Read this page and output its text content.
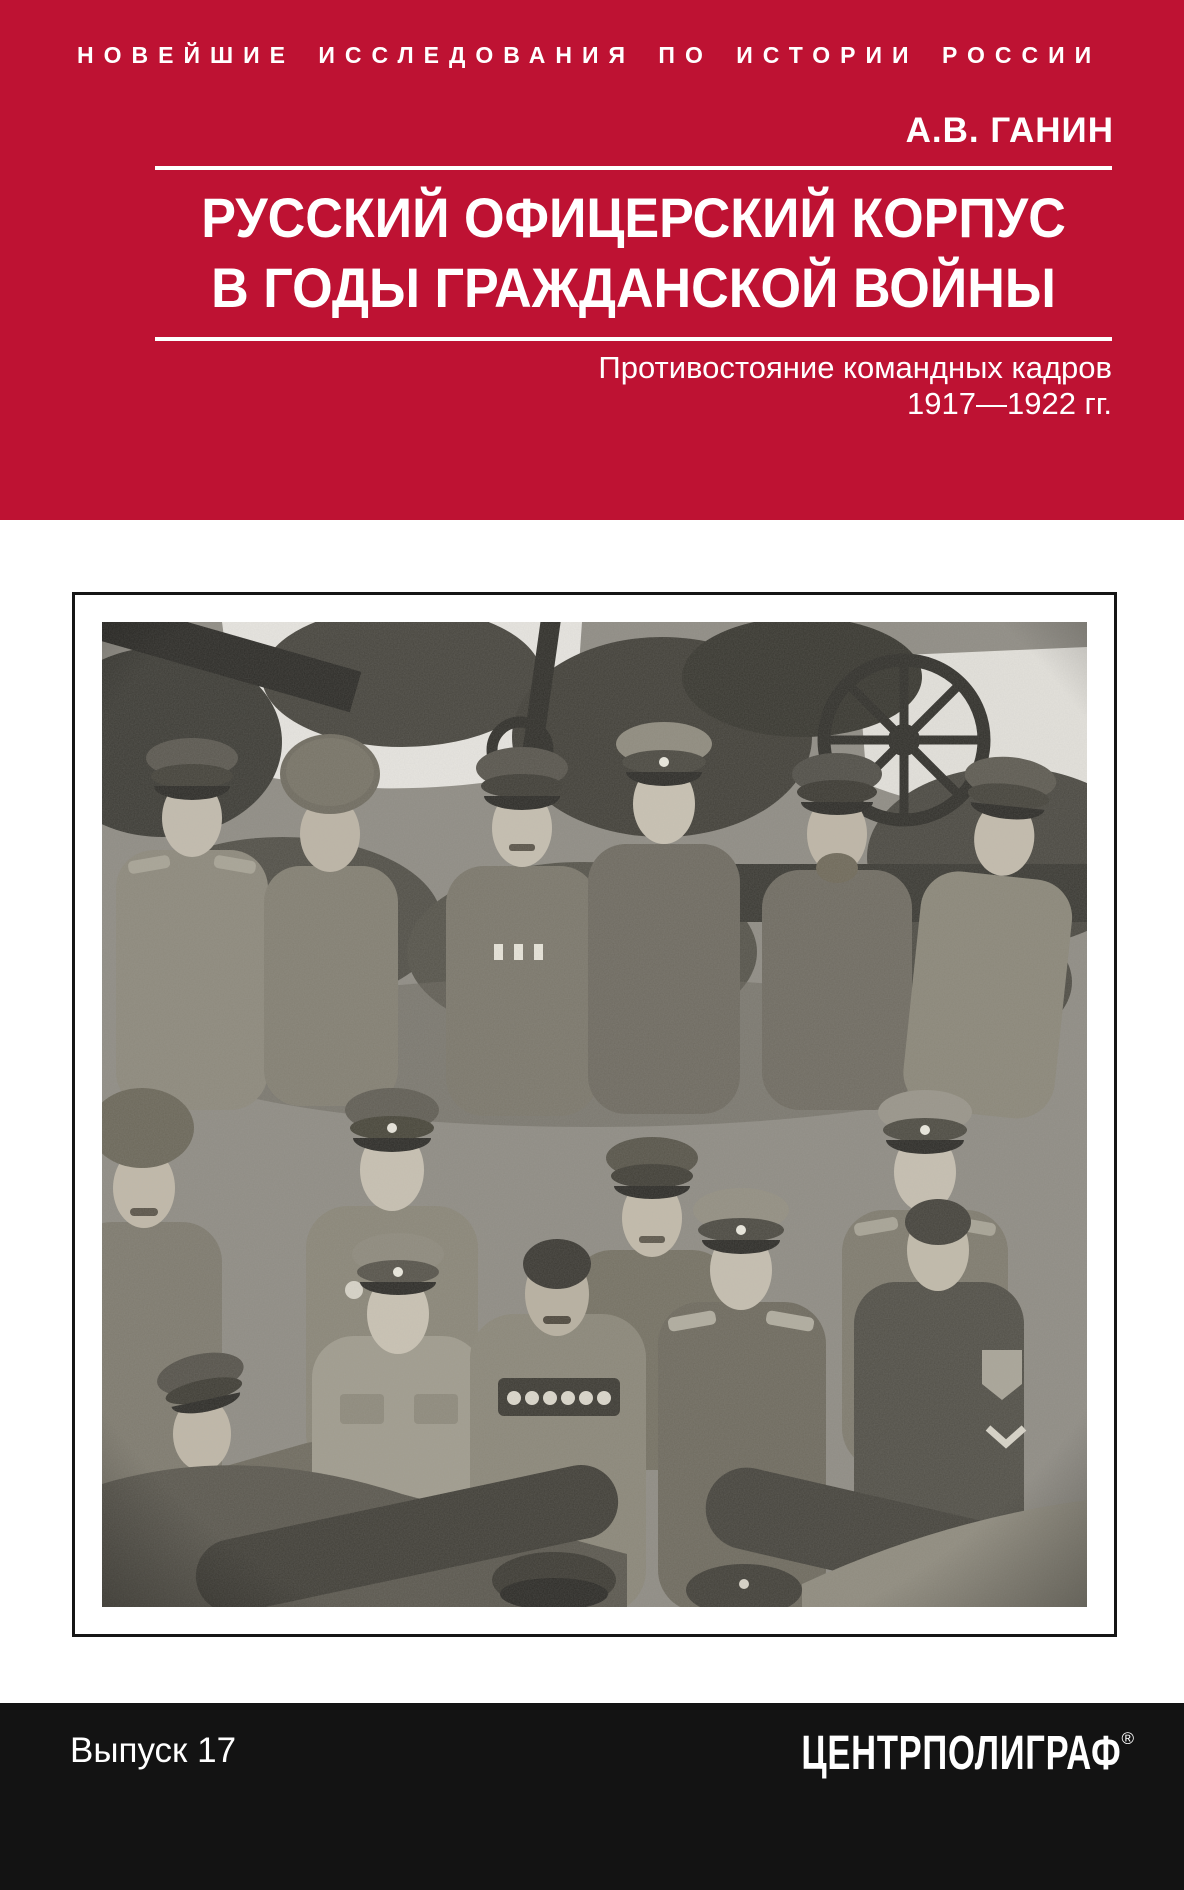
НОВЕЙШИЕ ИССЛЕДОВАНИЯ ПО ИСТОРИИ РОССИИ
А.В. ГАНИН
РУССКИЙ ОФИЦЕРСКИЙ КОРПУС
В ГОДЫ ГРАЖДАНСКОЙ ВОЙНЫ
Противостояние командных кадров
1917—1922 гг.
Выпуск 17	ЦЕНТРПОЛИГРАФ®
